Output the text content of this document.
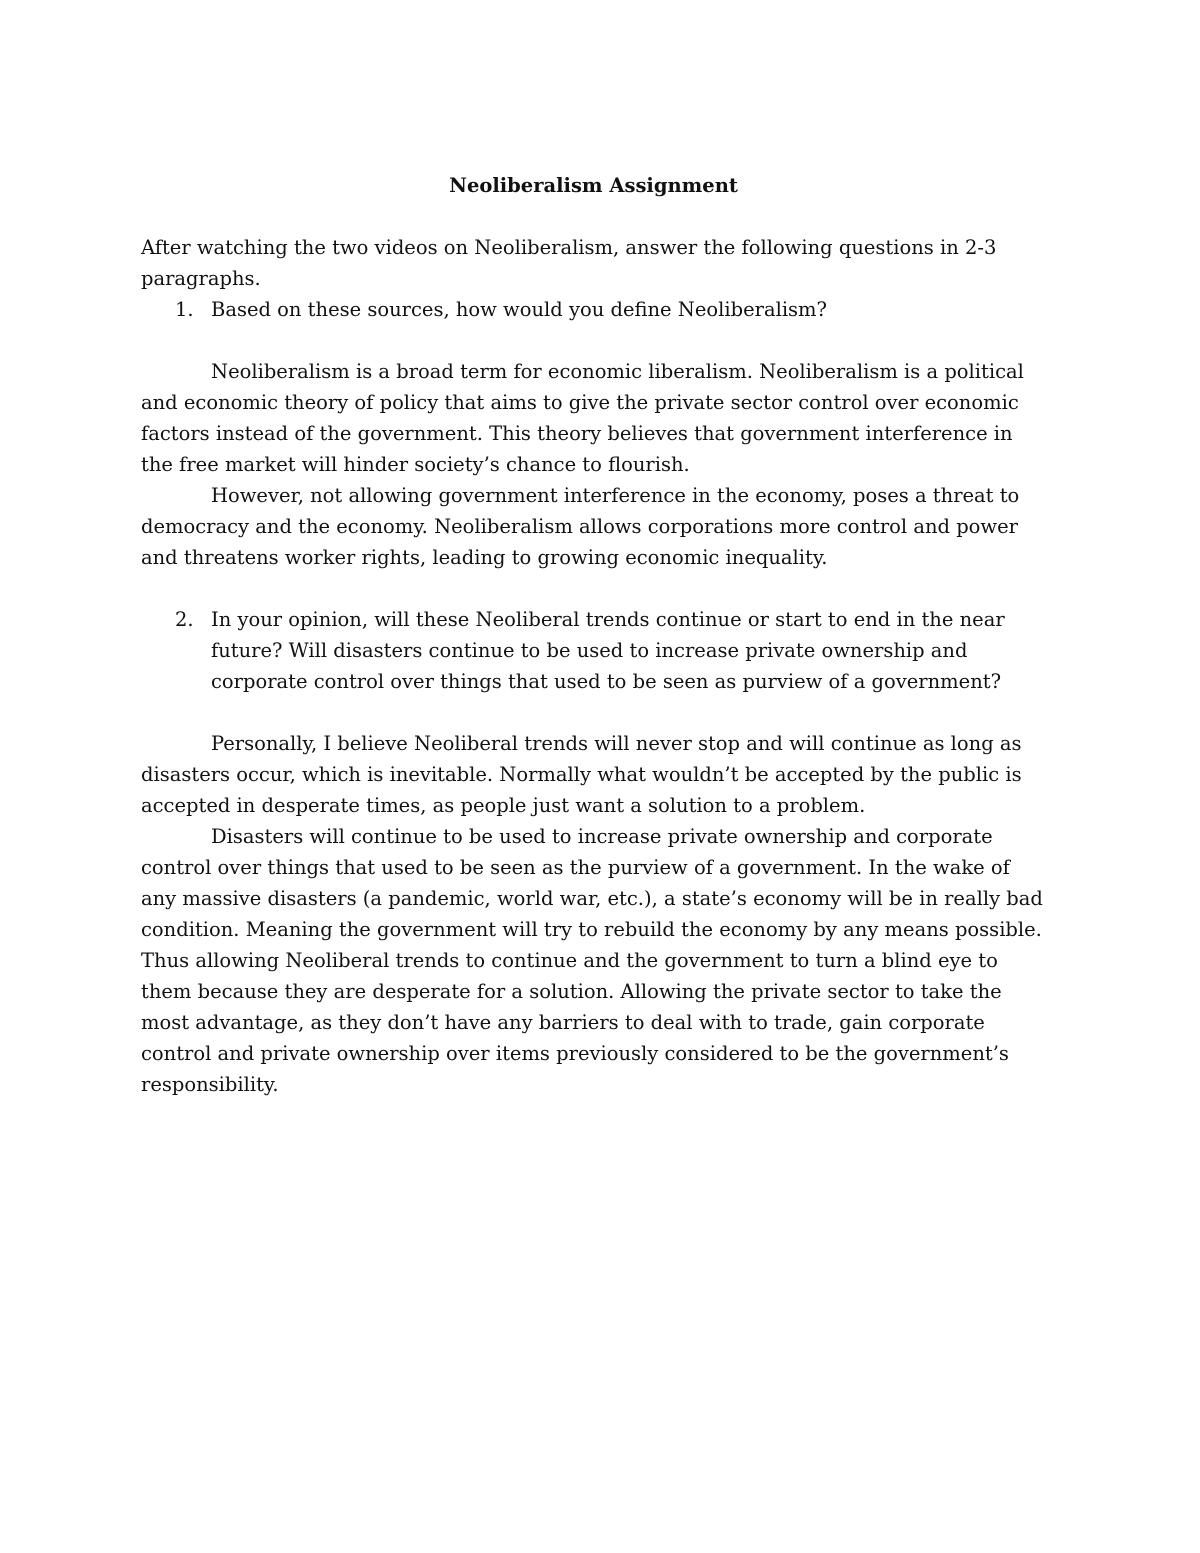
Neoliberalism Assignment

After watching the two videos on Neoliberalism, answer the following questions in 2-3 paragraphs.

1. Based on these sources, how would you define Neoliberalism?

Neoliberalism is a broad term for economic liberalism. Neoliberalism is a political and economic theory of policy that aims to give the private sector control over economic factors instead of the government. This theory believes that government interference in the free market will hinder society’s chance to flourish.

However, not allowing government interference in the economy, poses a threat to democracy and the economy. Neoliberalism allows corporations more control and power and threatens worker rights, leading to growing economic inequality.

2. In your opinion, will these Neoliberal trends continue or start to end in the near future? Will disasters continue to be used to increase private ownership and corporate control over things that used to be seen as purview of a government?

Personally, I believe Neoliberal trends will never stop and will continue as long as disasters occur, which is inevitable. Normally what wouldn’t be accepted by the public is accepted in desperate times, as people just want a solution to a problem.

Disasters will continue to be used to increase private ownership and corporate control over things that used to be seen as the purview of a government. In the wake of any massive disasters (a pandemic, world war, etc.), a state’s economy will be in really bad condition. Meaning the government will try to rebuild the economy by any means possible. Thus allowing Neoliberal trends to continue and the government to turn a blind eye to them because they are desperate for a solution. Allowing the private sector to take the most advantage, as they don’t have any barriers to deal with to trade, gain corporate control and private ownership over items previously considered to be the government’s responsibility.
